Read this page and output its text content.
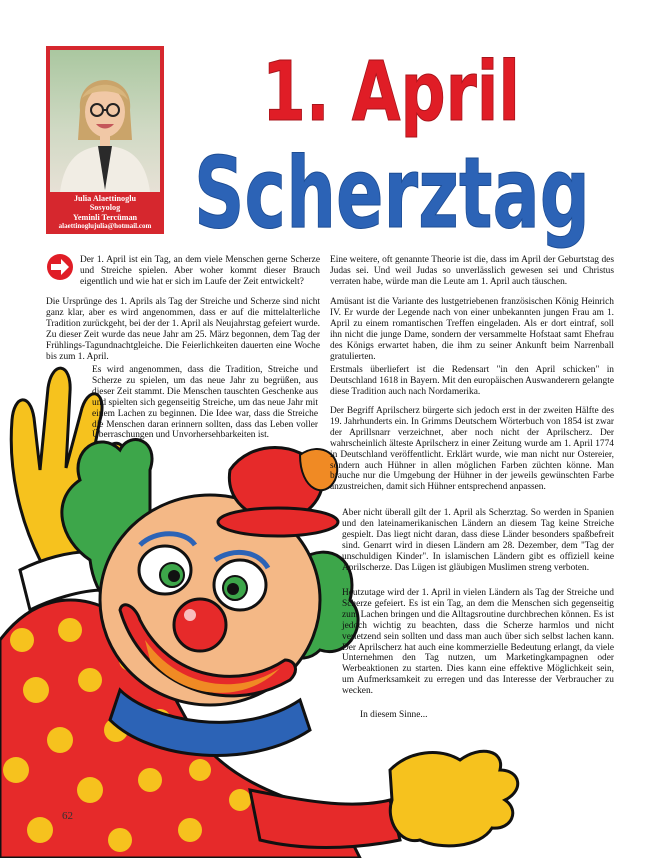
Julia Alaettinoglu
Sosyolog
Yeminli Tercüman
alaettinoglujulia@hotmail.com
1. April
Scherztag
Der 1. April ist ein Tag, an dem viele Menschen gerne Scherze und Streiche spielen. Aber woher kommt dieser Brauch eigentlich und wie hat er sich im Laufe der Zeit entwickelt?
Die Ursprünge des 1. Aprils als Tag der Streiche und Scherze sind nicht ganz klar, aber es wird angenommen, dass er auf die mittelalterliche Tradition zurückgeht, bei der der 1. April als Neujahrstag gefeiert wurde. Zu dieser Zeit wurde das neue Jahr am 25. März begonnen, dem Tag der Frühlings-Tagundnachtgleiche. Die Feierlichkeiten dauerten eine Woche bis zum 1. April.
Es wird angenommen, dass die Tradition, Streiche und Scherze zu spielen, um das neue Jahr zu begrüßen, aus dieser Zeit stammt. Die Menschen tauschten Geschenke aus und spielten sich gegenseitig Streiche, um das neue Jahr mit einem Lachen zu beginnen. Die Idee war, dass die Streiche die Menschen daran erinnern sollten, dass das Leben voller Überraschungen und Unvorhersehbarkeiten ist.
Eine weitere, oft genannte Theorie ist die, dass im April der Geburtstag des Judas sei. Und weil Judas so unverlässlich gewesen sei und Christus verraten habe, würde man die Leute am 1. April auch täuschen.
Amüsant ist die Variante des lustgetriebenen französischen König Heinrich IV. Er wurde der Legende nach von einer unbekannten jungen Frau am 1. April zu einem romantischen Treffen eingeladen. Als er dort eintraf, soll ihn nicht die junge Dame, sondern der versammelte Hofstaat samt Ehefrau des Königs erwartet haben, die ihm zu seiner Ankunft beim Narrenball gratulierten.
Erstmals überliefert ist die Redensart "in den April schicken" in Deutschland 1618 in Bayern. Mit den europäischen Auswanderern gelangte diese Tradition auch nach Nordamerika.
Der Begriff Aprilscherz bürgerte sich jedoch erst in der zweiten Hälfte des 19. Jahrhunderts ein. In Grimms Deutschem Wörterbuch von 1854 ist zwar der Aprillsnarr verzeichnet, aber noch nicht der Aprilscherz. Der wahrscheinlich älteste Aprilscherz in einer Zeitung wurde am 1. April 1774 in Deutschland veröffentlicht. Erklärt wurde, wie man nicht nur Ostereier, sondern auch Hühner in allen möglichen Farben züchten könne. Man brauche nur die Umgebung der Hühner in der jeweils gewünschten Farbe anzustreichen, damit sich Hühner entsprechend anpassen.
Aber nicht überall gilt der 1. April als Scherztag. So werden in Spanien und den lateinamerikanischen Ländern an diesem Tag keine Streiche gespielt. Das liegt nicht daran, dass diese Länder besonders spaßbefreit sind. Genarrt wird in diesen Ländern am 28. Dezember, dem "Tag der unschuldigen Kinder". In islamischen Ländern gibt es offiziell keine Aprilscherze. Das Lügen ist gläubigen Muslimen streng verboten.
Heutzutage wird der 1. April in vielen Ländern als Tag der Streiche und Scherze gefeiert. Es ist ein Tag, an dem die Menschen sich gegenseitig zum Lachen bringen und die Alltagsroutine durchbrechen können. Es ist jedoch wichtig zu beachten, dass die Scherze harmlos und nicht verletzend sein sollten und dass man auch über sich selbst lachen kann. Der Aprilscherz hat auch eine kommerzielle Bedeutung erlangt, da viele Unternehmen den Tag nutzen, um Marketingkampagnen oder Werbeaktionen zu starten. Dies kann eine effektive Möglichkeit sein, um Aufmerksamkeit zu erregen und das Interesse der Verbraucher zu wecken.
In diesem Sinne...
62
